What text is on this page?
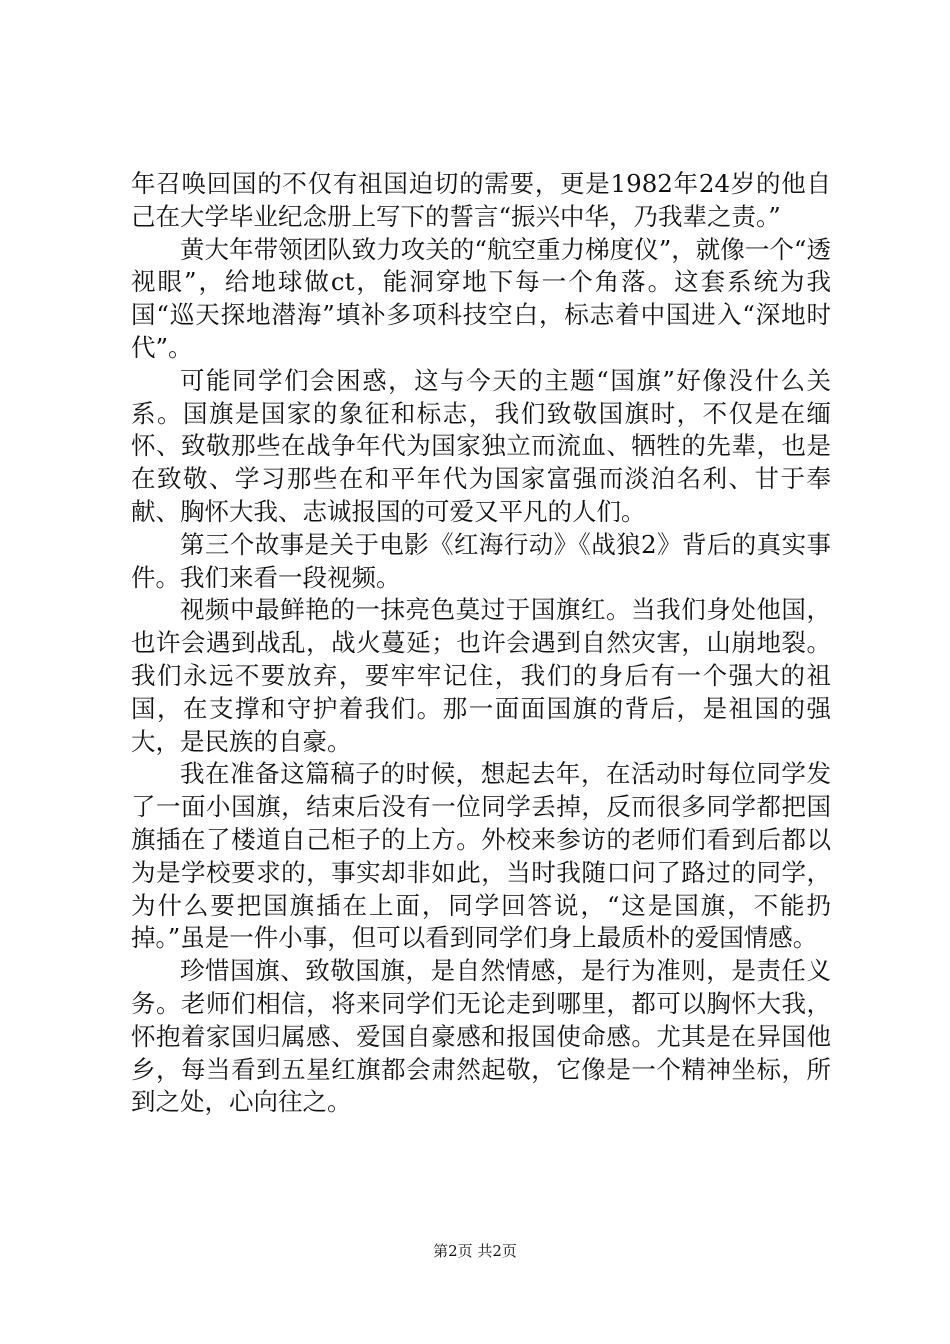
年召唤回国的不仅有祖国迫切的需要，更是1982年24岁的他自己在大学毕业纪念册上写下的誓言“振兴中华，乃我辈之责。”

黄大年带领团队致力攻关的“航空重力梯度仪”，就像一个“透视眼”，给地球做ct，能洞穿地下每一个角落。这套系统为我国“巡天探地潜海”填补多项科技空白，标志着中国进入“深地时代”。

可能同学们会困惑，这与今天的主题“国旗”好像没什么关系。国旗是国家的象征和标志，我们致敬国旗时，不仅是在缅怀、致敬那些在战争年代为国家独立而流血、牺牲的先辈，也是在致敬、学习那些在和平年代为国家富强而淡泊名利、甘于奉献、胸怀大我、志诚报国的可爱又平凡的人们。

第三个故事是关于电影《红海行动》《战狼2》背后的真实事件。我们来看一段视频。

视频中最鲜艳的一抹亮色莫过于国旗红。当我们身处他国，也许会遇到战乱，战火蔓延；也许会遇到自然灾害，山崩地裂。我们永远不要放弃，要牢牢记住，我们的身后有一个强大的祖国，在支撑和守护着我们。那一面面国旗的背后，是祖国的强大，是民族的自豪。

我在准备这篇稿子的时候，想起去年，在活动时每位同学发了一面小国旗，结束后没有一位同学丢掉，反而很多同学都把国旗插在了楼道自己柜子的上方。外校来参访的老师们看到后都以为是学校要求的，事实却非如此，当时我随口问了路过的同学，为什么要把国旗插在上面，同学回答说，“这是国旗，不能扔掉。”虽是一件小事，但可以看到同学们身上最质朴的爱国情感。

珍惜国旗、致敬国旗，是自然情感，是行为准则，是责任义务。老师们相信，将来同学们无论走到哪里，都可以胸怀大我，怀抱着家国归属感、爱国自豪感和报国使命感。尤其是在异国他乡，每当看到五星红旗都会肃然起敬，它像是一个精神坐标，所到之处，心向往之。

第2页 共2页
